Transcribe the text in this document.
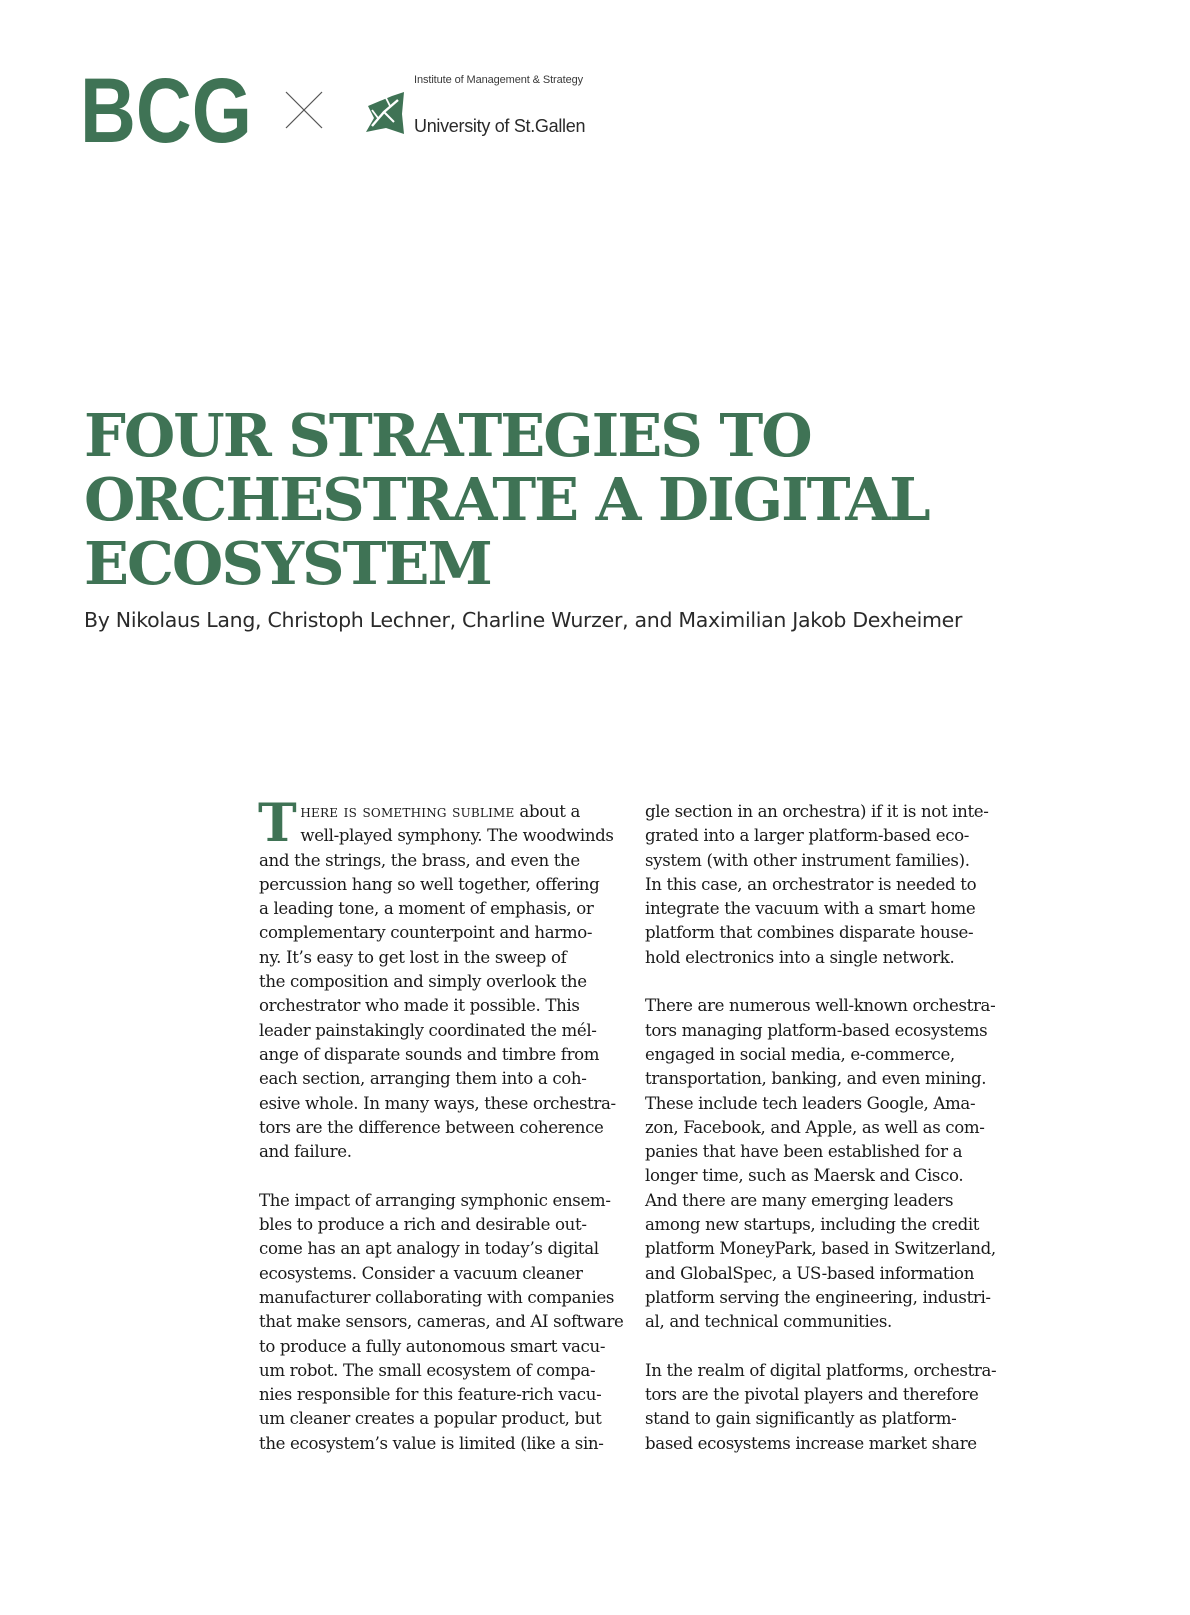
BCG	Institute of Management & Strategy
University of St.Gallen
FOUR STRATEGIES TO
ORCHESTRATE A DIGITAL
ECOSYSTEM
By Nikolaus Lang, Christoph Lechner, Charline Wurzer, and Maximilian Jakob Dexheimer
T here is something sublime about a
well-played symphony. The woodwinds
and the strings, the brass, and even the
percussion hang so well together, offering
a leading tone, a moment of emphasis, or
complementary counterpoint and harmo-
ny. It’s easy to get lost in the sweep of
the composition and simply overlook the
orchestrator who made it possible. This
leader painstakingly coordinated the mél-
ange of disparate sounds and timbre from
each section, arranging them into a coh-
esive whole. In many ways, these orchestra-
tors are the difference between coherence
and failure.
The impact of arranging symphonic ensem-
bles to produce a rich and desirable out-
come has an apt analogy in today’s digital
ecosystems. Consider a vacuum cleaner
manufacturer collaborating with companies
that make sensors, cameras, and AI software
to produce a fully autonomous smart vacu-
um robot. The small ecosystem of compa-
nies responsible for this feature-rich vacu-
um cleaner creates a popular product, but
the ecosystem’s value is limited (like a sin-
gle section in an orchestra) if it is not inte-
grated into a larger platform-based eco-
system (with other instrument families).
In this case, an orchestrator is needed to
integrate the vacuum with a smart home
platform that combines disparate house-
hold electronics into a single network.
There are numerous well-known orchestra-
tors managing platform-based ecosystems
engaged in social media, e-commerce,
transportation, banking, and even mining.
These include tech leaders Google, Ama-
zon, Facebook, and Apple, as well as com-
panies that have been established for a
longer time, such as Maersk and Cisco.
And there are many emerging leaders
among new startups, including the credit
platform MoneyPark, based in Switzerland,
and GlobalSpec, a US-based information
platform serving the engineering, industri-
al, and technical communities.
In the realm of digital platforms, orchestra-
tors are the pivotal players and therefore
stand to gain significantly as platform-
based ecosystems increase market share
